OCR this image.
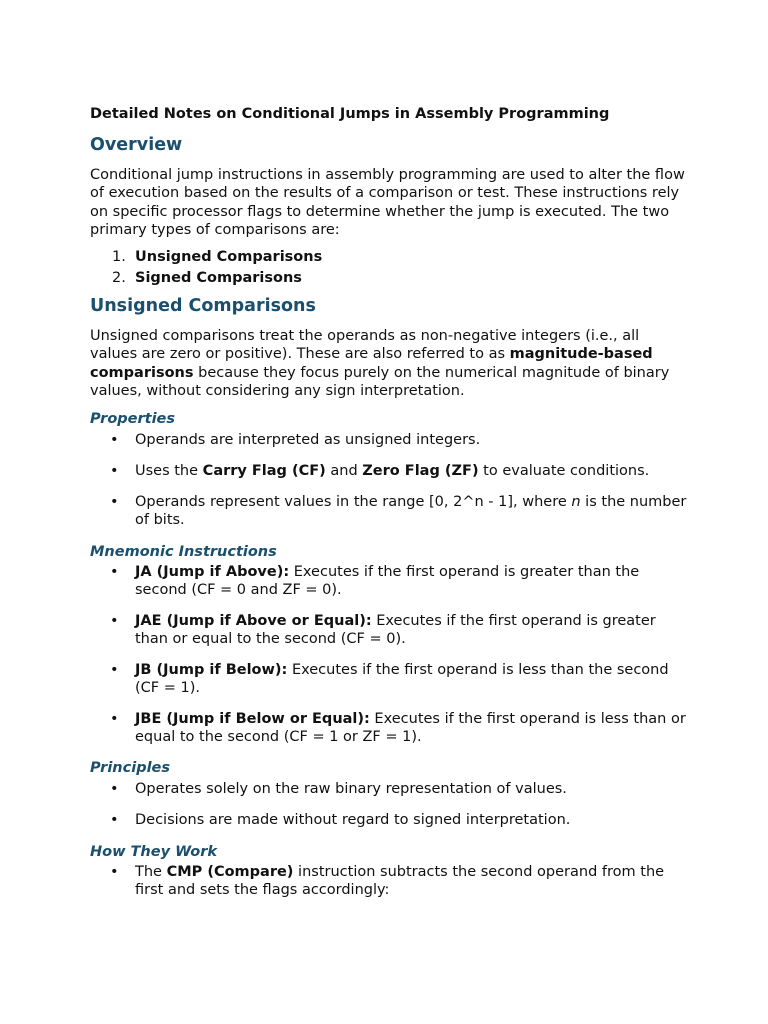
Detailed Notes on Conditional Jumps in Assembly Programming
Overview

Conditional jump instructions in assembly programming are used to alter the flow of execution based on the results of a comparison or test. These instructions rely on specific processor flags to determine whether the jump is executed. The two primary types of comparisons are:

1. Unsigned Comparisons
2. Signed Comparisons
Unsigned Comparisons

Unsigned comparisons treat the operands as non-negative integers (i.e., all values are zero or positive). These are also referred to as magnitude-based comparisons because they focus purely on the numerical magnitude of binary values, without considering any sign interpretation.

Properties
• Operands are interpreted as unsigned integers.
• Uses the Carry Flag (CF) and Zero Flag (ZF) to evaluate conditions.
• Operands represent values in the range [0, 2^n - 1], where n is the number of bits.
Mnemonic Instructions
• JA (Jump if Above): Executes if the first operand is greater than the second (CF = 0 and ZF = 0).
• JAE (Jump if Above or Equal): Executes if the first operand is greater than or equal to the second (CF = 0).
• JB (Jump if Below): Executes if the first operand is less than the second (CF = 1).
• JBE (Jump if Below or Equal): Executes if the first operand is less than or equal to the second (CF = 1 or ZF = 1).
Principles
• Operates solely on the raw binary representation of values.
• Decisions are made without regard to signed interpretation.
How They Work
• The CMP (Compare) instruction subtracts the second operand from the first and sets the flags accordingly:
